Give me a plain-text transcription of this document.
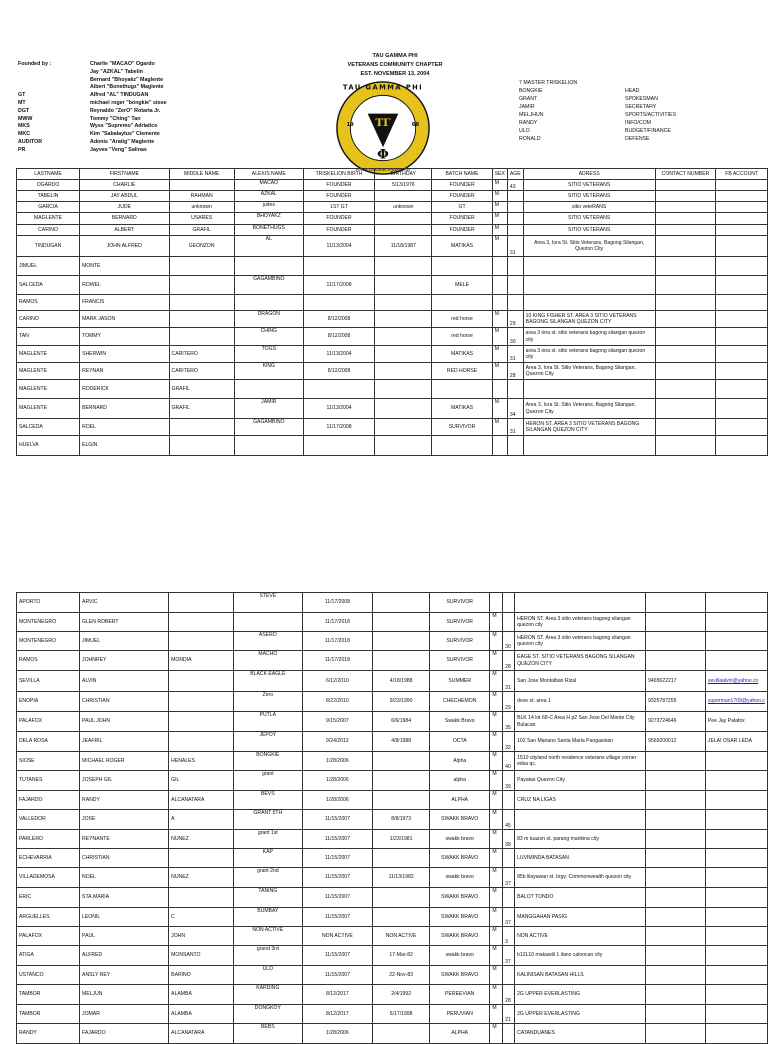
TAU GAMMA PHI
VETERANS COMMUNITY CHAPTER
EST. NOVEMBER 13, 2004
Founded by :	Charlie "MACAO" Ogardo
Jay "AZKAL" Tabelin
Bernard "Bhoyakz" Maglente
Albert "Bonethugz" Maglente
GT	Alfred "AL" TINDUGAN
MT	michael roger "bongkie" siose
DGT	Reynaldo "ZerO" Rotarta Jr.
MWW	Tommy "Ching" Tan
MKS	Wyss "Supremo" Adriatico
MKC	Kim "Sabalaytus" Clemente
AUDITOR	Adonis "Aratig" Maglente
PR	Jayvee "Veng" Salinas
ΤΓ
Φ
TAU GAMMA PHI
19	68
Fortis Voluntas Fraternitas
7 MASTER TRISKELION
BONGKIE	HEAD
GRANT	SPOKESMAN
JAMIR	SECRETARY
MELJHUN	SPORTS/ACTIVITIES
RANDY	INFO/COM
ULO	BUDGET/FINANCE
RONALD	DEFENSE
LASTNAME	FIRSTNAME	MIDDLE NAME	ALEXIS NAME	TRISKELION BIRTH	BIRTHDAY	BATCH NAME	SEX	AGE	ADRESS	CONTACT NUMBER	FB ACCOUNT
OGARDO	CHARLIE		MACAO	FOUNDER	5/13/1976	FOUNDER	M	43	SITIO VETERANS		
TABELIN	JAY ABDUL	RAHMAN	AZKAL	FOUNDER		FOUNDER	M		SITIO VETERANS		
GARCIA	JUDE	unknown	judes	1ST GT	unknown	GT	M		sitio veteRANS		
MAGLENTE	BERNARD	USARES	BHOYAKZ	FOUNDER		FOUNDER	M		SITIO VETERANS		
CARINO	ALBERT	GRAFIL	BONETHUGS	FOUNDER		FOUNDER	M		SITIO VETERANS		
TINDUGAN	JOHN ALFRED	GEONZON	AL	11/13/2004	11/18/1987	MATIKAS	M	31	Area 3, Iora St. Sitio Veterans, Bagong Silangan, Quezon City		
JIMUEL	MONTE										
SALCEDA	ROWEL		GAGAMBINO	11/17/2008		MELE					
RAMOS	FRANCIS										
CARINO	MARK JASON		DRAGON	8/12/2008		red horse	M	29	10 KING FISHER ST. AREA 3 SITIO VETERANS BAGONG SILANGAN QUEZON CITY		
TAN	TOMMY		CHING	8/12/2008		red horse	M	30	area 3 iora st. sitio veterans bagong silangan quezon city		
MAGLENTE	SHERWIN	CARITERO	TOGS	11/13/2004		MATIKAS	M	31	area 3 iora st. sitio veterans bagong silangan quezon city		
MAGLENTE	REYNAN	CARITERO	KING	8/12/2008		RED HORSE	M	28	Area 3, Iora St. Sitio Veterans, Bagong Silangan, Quezon City		
MAGLENTE	RODERICK	GRAFIL									
MAGLENTE	BERNARD	GRAFIL	JAMIR	11/13/2004		MATIKAS	M	34	Area 3, Iora St. Sitio Veterans, Bagong Silangan, Quezon City		
SALCEDA	ROEL		GAGAMBINO	11/17/2008		SURVIVOR	M	31	HERON ST. AREA 3 SITIO VETERANS BAGONG SILANGAN QUEZON CITY		
HUELVA	ELGIN										
APORTO	ARVIC		STEVE	11/17/2008		SURVIVOR					
MONTENEGRO	GLEN ROBERT			11/17/2018		SURVIVOR	M		HERON ST. Area 3 sitio veterans bagong silangan quezon city		
MONTENEGRO	JIMUEL		ASERO	11/17/2018		SURVIVOR	M	30	HERON ST. Area 3 sitio veterans bagong silangan quezon city		
RAMOS	JOHNREY	MONDIA	MACHO	11/17/2018		SURVIVOR	M	28	EAGE ST. SITIO VETERANS BAGONG SILANGAN QUEZON CITY		
SEVILLA	ALVIN		BLACK EAGLE	6/12/2010	4/18/1988	SUMMER	M	31	San Jose Montalban Rizal	9465622217	sevillaalvin@yahoo.co
ENOPIA	CHRISTIAN		Zero	8/22/2010	9/23/1990	CHECHEMON	M	29	dove st. area 1	9325787255	superman1709@yahoo.c
PALAFOX	PAUL JOHN		PUTLA	9/15/2007	6/6/1984	Swakk Bravo	M	35	BLK 14 lot 68-C Area H p2 San Jose Del Monte City Bulacan	9273724646	Pee Jay Palafox
DELA ROSA	JEAFRIL		JEPOY	9/24/2012	4/8/1988	OCTA	M	32	102 San Mariano Santa Maria Pangasinan	9569200012	JELAI OSAR LEDA
SIOSE	MICHAEL ROGER	HENALES	BONGKIE	1/28/2006		Alpha	M	40	1510 cityland north residence veterans village corner edsa qc.		
TUTANES	JOSEPH GIL	GIL	grant	1/28/2006		alpha	M	39	Payatas Quezon City		
FAJARDO	RANDY	ALCANATARA	BEVS	1/28/2006		ALPHA	M		CRUZ NA LIGAS		
VALLEDOR	JOSE	A	GRANT 5TH	11/15/2007	8/8/1973	SWAKK BRAVO	M	45			
PARLERO	REYNANTE	NUNEZ	grant 1st	11/15/2007	1/23/1981	swakk bravo	M	38	83 m tuazon st. parang marikina city		
ECHEVARRIA	CHRISTIAN		KAP	11/15/2007		SWAKK BRAVO	M		LUVIMINDA BATASAN		
VILLADEMOSA	NOEL	NUNEZ	grant 2nd	11/15/2007	11/13/1982	swakk bravo	M	37	85b lilayawan st. brgy. Commonwealth quezon city		
ERIC	STA.MARIA		TANING	11/15/2007		SWAKK BRAVO	M		BALOT TONDO		
ARGUELLES	LEONIL	C	BUMBAY	11/15/2007		SWAKK BRAVO	M	37	MANGGAHAN PASIG		
PALAFOX	PAUL	JOHN	NON ACTIVE	NON ACTIVE	NON ACTIVE	SWAKK BRAVO	M	3	NON ACTIVE		
ATIGA	ALFRED	MONSANTO	grand 3rd	11/15/2007	17-Mar-82	swakk bravo	M	37	b12L10 makawili 1 ilano caloocan city		
USTANCO	ANSLY REY	BARINO	ULO	11/15/2007	22-Nov-83	SWAKK BRAVO	M		KALINISAN BATASAN HILLS		
TAMBOR	MELJUN	ALAMBA	KARDING	8/12/2017	2/4/1992	PEREEVIAN	M	28	2G UPPER EVERLASTING		
TAMBOR	JOMAR	ALAMBA	DONGKOY	8/12/2017	6/17/1998	PERUVIAN	M	21	2G UPPER EVERLASTING		
RANDY	FAJARDO	ALCANATARA	BEBS	1/28/2006		ALPHA	M		CATANDUANES		
